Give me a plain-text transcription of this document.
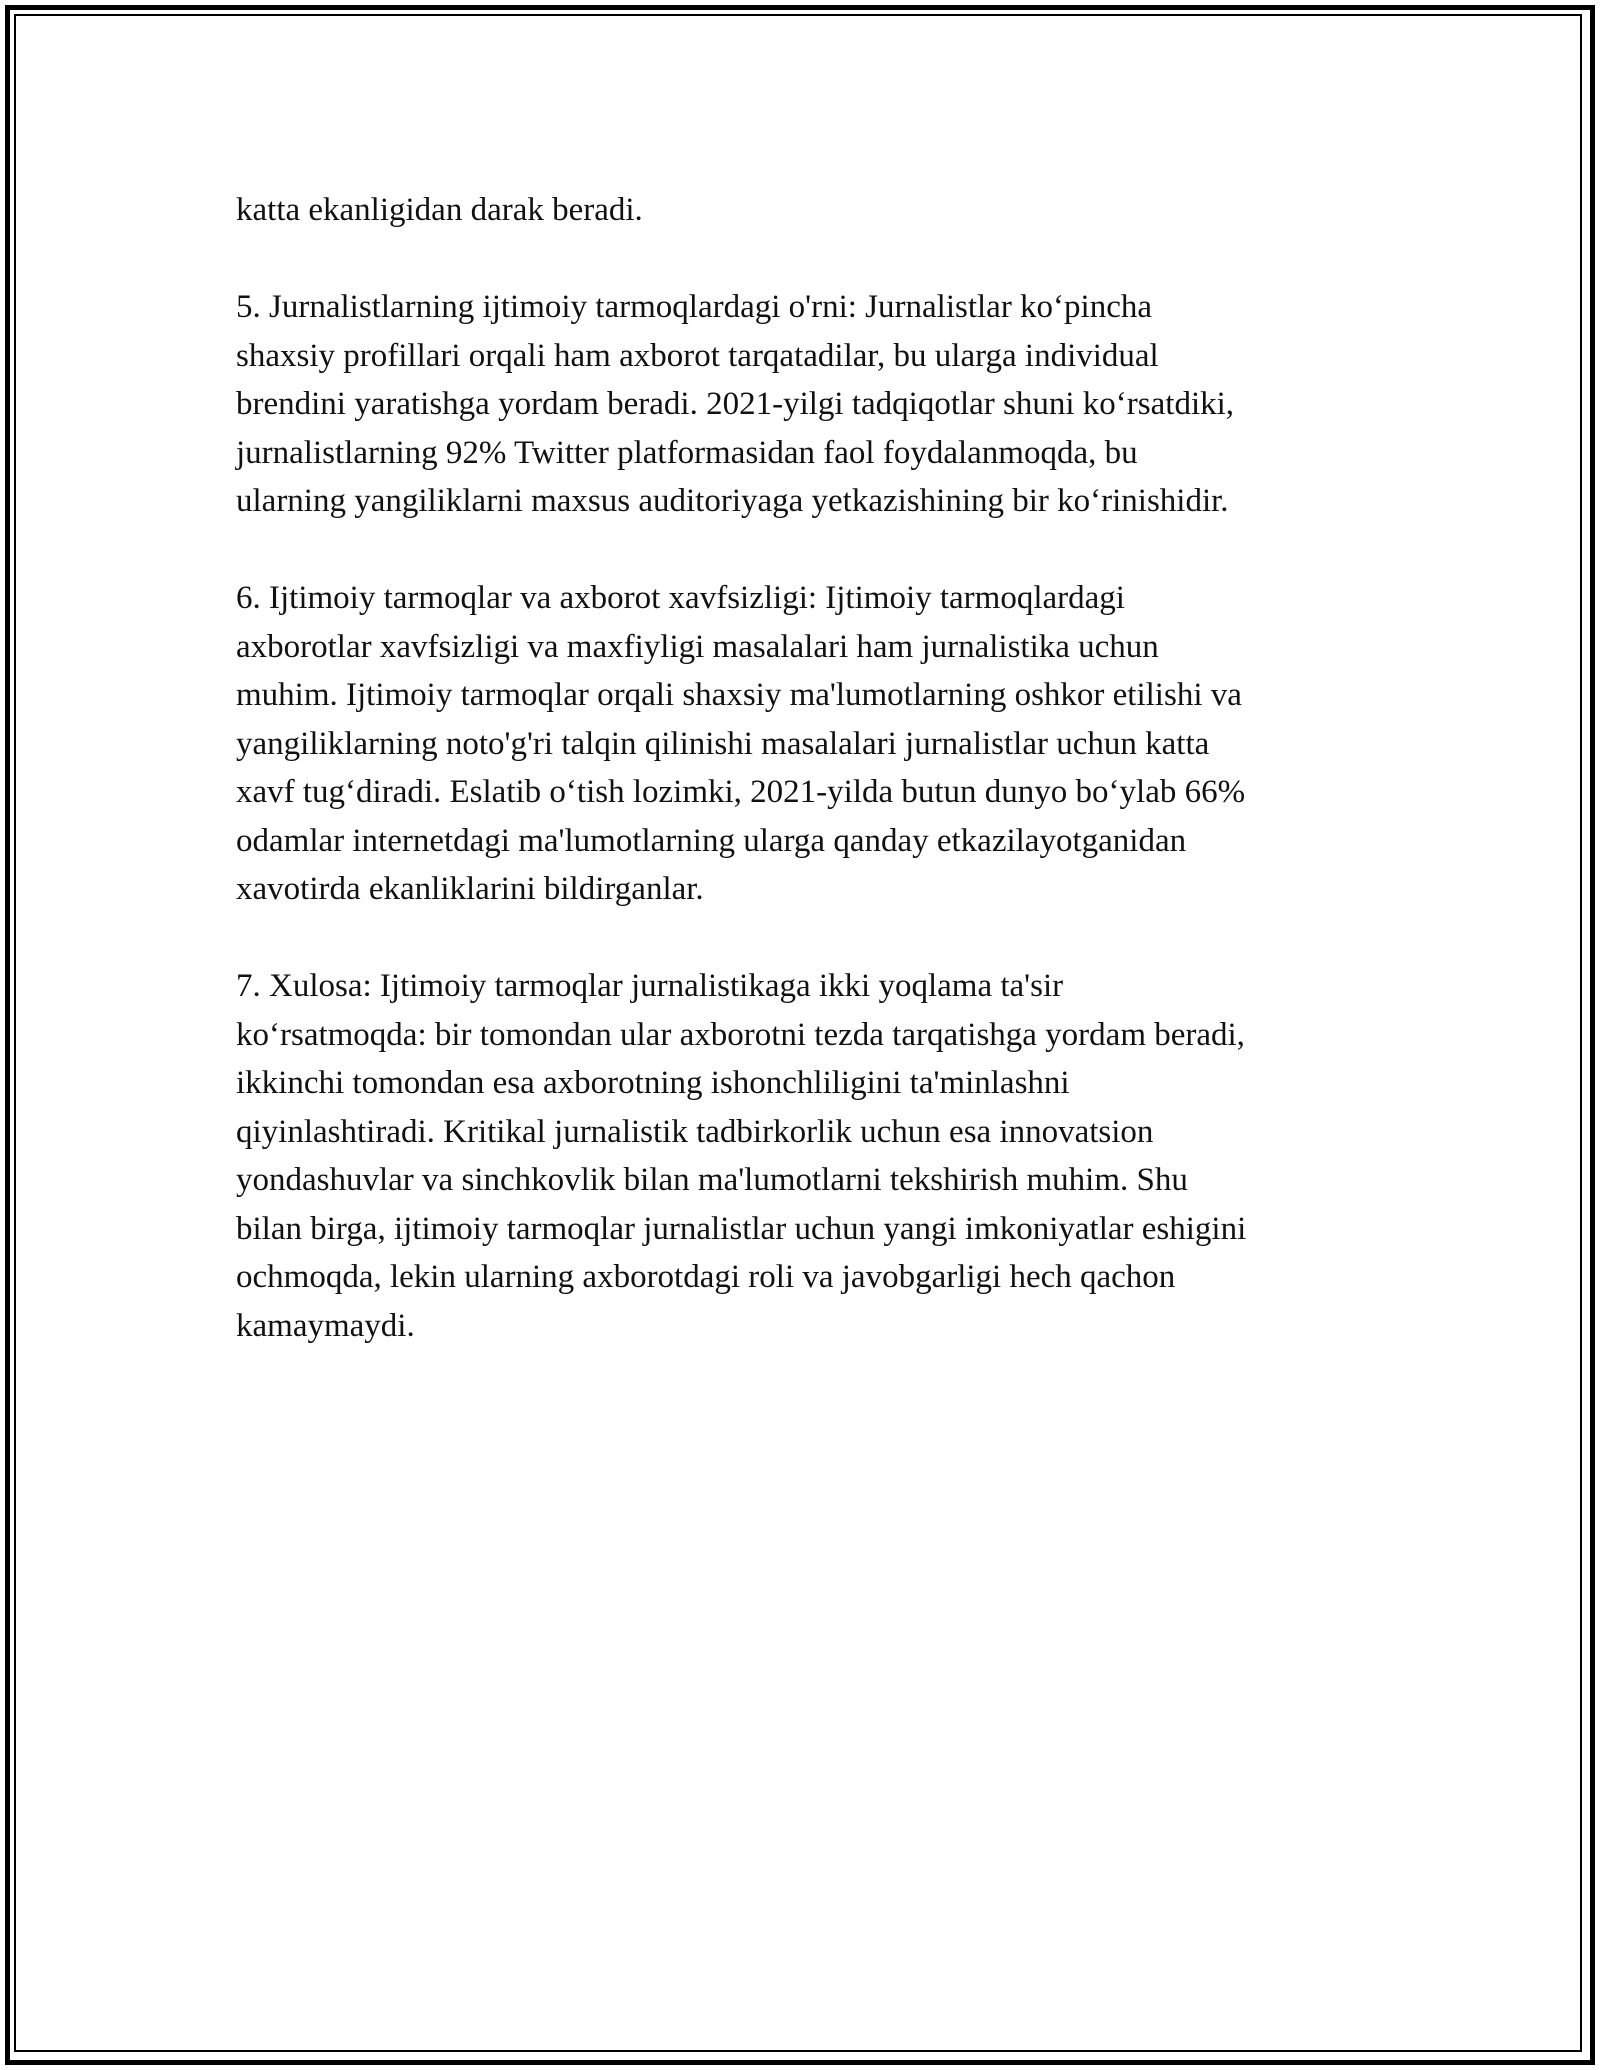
katta ekanligidan darak beradi.

5. Jurnalistlarning ijtimoiy tarmoqlardagi o'rni: Jurnalistlar ko‘pincha
shaxsiy profillari orqali ham axborot tarqatadilar, bu ularga individual
brendini yaratishga yordam beradi. 2021-yilgi tadqiqotlar shuni ko‘rsatdiki,
jurnalistlarning 92% Twitter platformasidan faol foydalanmoqda, bu
ularning yangiliklarni maxsus auditoriyaga yetkazishining bir ko‘rinishidir.

6. Ijtimoiy tarmoqlar va axborot xavfsizligi: Ijtimoiy tarmoqlardagi
axborotlar xavfsizligi va maxfiyligi masalalari ham jurnalistika uchun
muhim. Ijtimoiy tarmoqlar orqali shaxsiy ma'lumotlarning oshkor etilishi va
yangiliklarning noto'g'ri talqin qilinishi masalalari jurnalistlar uchun katta
xavf tug‘diradi. Eslatib o‘tish lozimki, 2021-yilda butun dunyo bo‘ylab 66%
odamlar internetdagi ma'lumotlarning ularga qanday etkazilayotganidan
xavotirda ekanliklarini bildirganlar.

7. Xulosa: Ijtimoiy tarmoqlar jurnalistikaga ikki yoqlama ta'sir
ko‘rsatmoqda: bir tomondan ular axborotni tezda tarqatishga yordam beradi,
ikkinchi tomondan esa axborotning ishonchliligini ta'minlashni
qiyinlashtiradi. Kritikal jurnalistik tadbirkorlik uchun esa innovatsion
yondashuvlar va sinchkovlik bilan ma'lumotlarni tekshirish muhim. Shu
bilan birga, ijtimoiy tarmoqlar jurnalistlar uchun yangi imkoniyatlar eshigini
ochmoqda, lekin ularning axborotdagi roli va javobgarligi hech qachon
kamaymaydi.
